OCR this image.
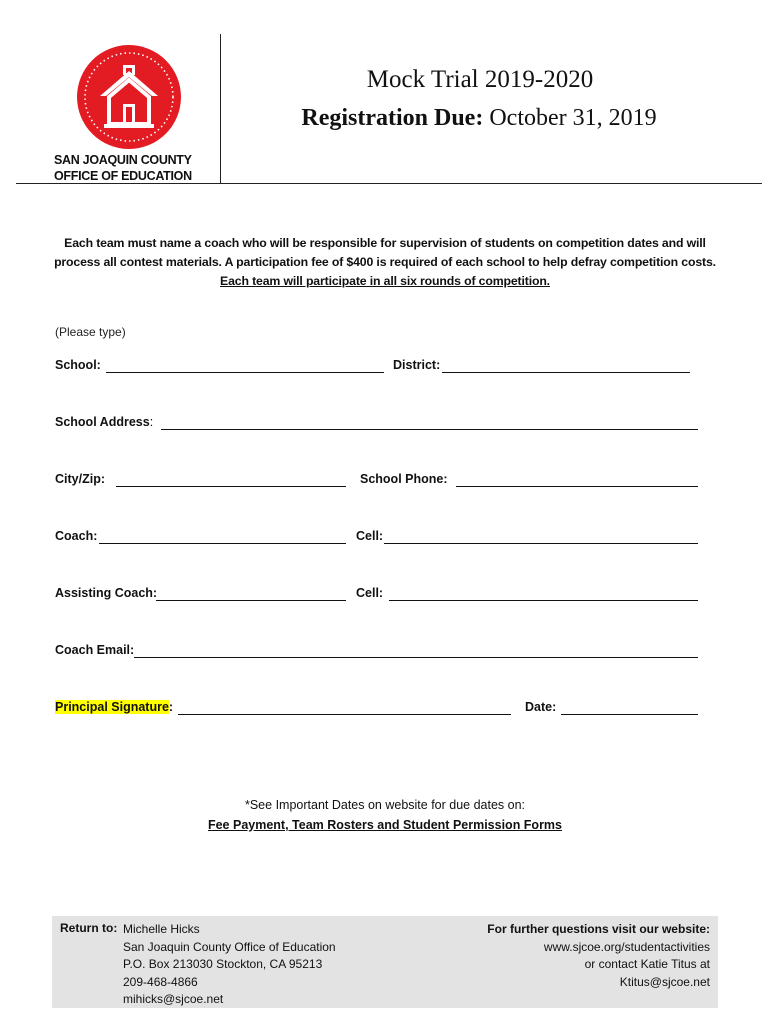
SAN JOAQUIN COUNTY
OFFICE OF EDUCATION
Mock Trial 2019-2020
Registration Due: October 31, 2019
Each team must name a coach who will be responsible for supervision of students on competition dates and will process all contest materials. A participation fee of $400 is required of each school to help defray competition costs. Each team will participate in all six rounds of competition.
(Please type)
School:	District:
School Address:
City/Zip:	School Phone:
Coach:	Cell:
Assisting Coach:	Cell:
Coach Email:
Principal Signature:	Date:
*See Important Dates on website for due dates on:
Fee Payment, Team Rosters and Student Permission Forms
Return to: Michelle Hicks
San Joaquin County Office of Education
P.O. Box 213030 Stockton, CA 95213
209-468-4866
mihicks@sjcoe.net
For further questions visit our website:
www.sjcoe.org/studentactivities
or contact Katie Titus at
Ktitus@sjcoe.net
